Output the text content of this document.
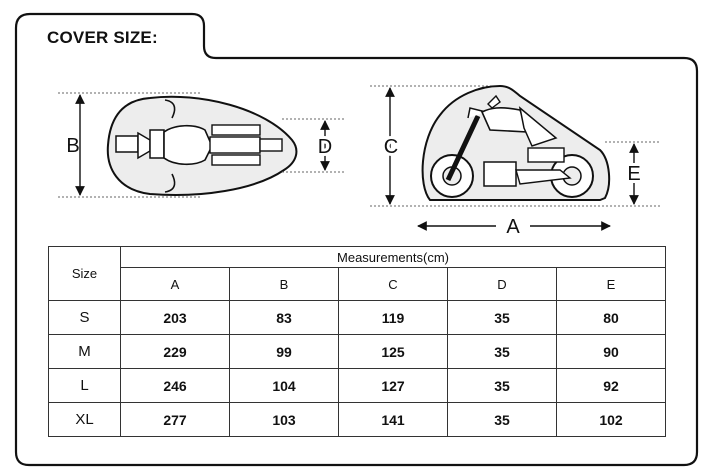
COVER SIZE:
B	D	C
E
A
Size	Measurements(cm)				
	A	B	C	D	E
S	203	83	119	35	80
M	229	99	125	35	90
L	246	104	127	35	92
XL	277	103	141	35	102
